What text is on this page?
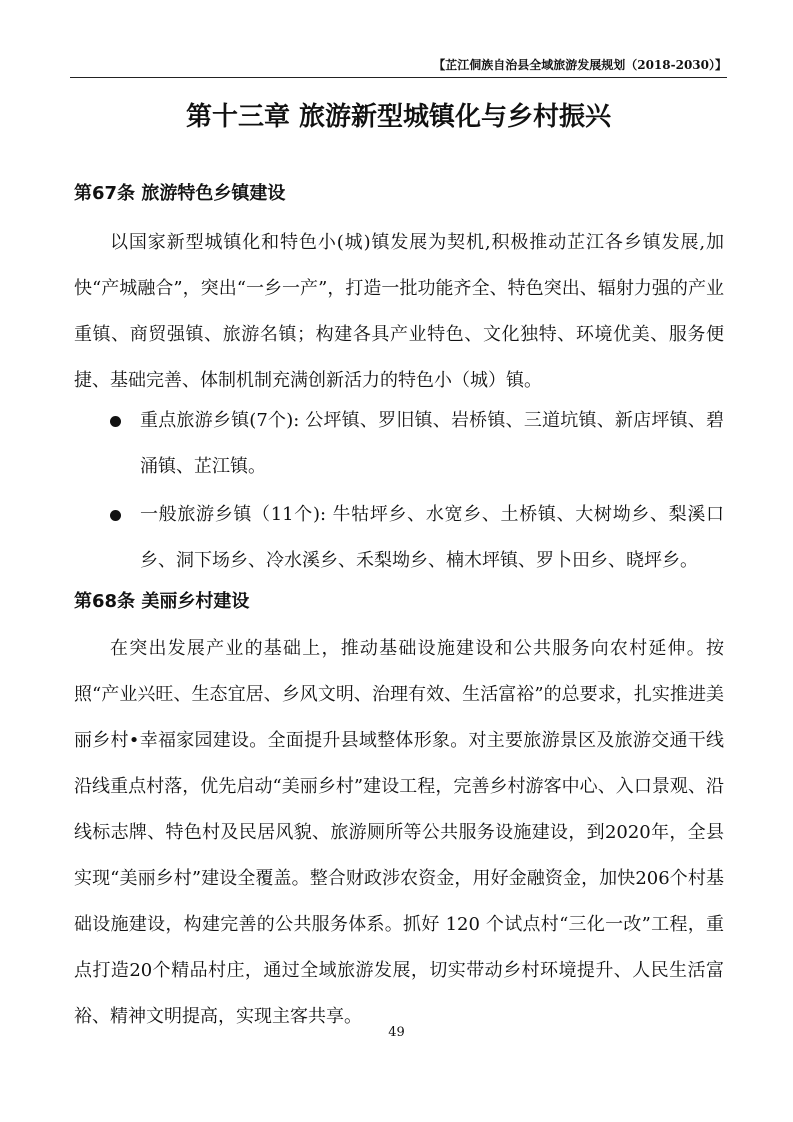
【芷江侗族自治县全域旅游发展规划（2018-2030）】
第十三章 旅游新型城镇化与乡村振兴
第67条 旅游特色乡镇建设

以国家新型城镇化和特色小(城)镇发展为契机,积极推动芷江各乡镇发展,加快“产城融合”，突出“一乡一产”，打造一批功能齐全、特色突出、辐射力强的产业重镇、商贸强镇、旅游名镇；构建各具产业特色、文化独特、环境优美、服务便捷、基础完善、体制机制充满创新活力的特色小（城）镇。

重点旅游乡镇(7个): 公坪镇、罗旧镇、岩桥镇、三道坑镇、新店坪镇、碧涌镇、芷江镇。
一般旅游乡镇（11个): 牛牯坪乡、水宽乡、土桥镇、大树坳乡、梨溪口乡、洞下场乡、冷水溪乡、禾梨坳乡、楠木坪镇、罗卜田乡、晓坪乡。
第68条 美丽乡村建设

在突出发展产业的基础上，推动基础设施建设和公共服务向农村延伸。按照“产业兴旺、生态宜居、乡风文明、治理有效、生活富裕”的总要求，扎实推进美丽乡村•幸福家园建设。全面提升县域整体形象。对主要旅游景区及旅游交通干线沿线重点村落，优先启动“美丽乡村”建设工程，完善乡村游客中心、入口景观、沿线标志牌、特色村及民居风貌、旅游厕所等公共服务设施建设，到2020年，全县实现“美丽乡村”建设全覆盖。整合财政涉农资金，用好金融资金，加快206个村基础设施建设，构建完善的公共服务体系。抓好 120 个试点村“三化一改”工程，重点打造20个精品村庄，通过全域旅游发展，切实带动乡村环境提升、人民生活富裕、精神文明提高，实现主客共享。

49
